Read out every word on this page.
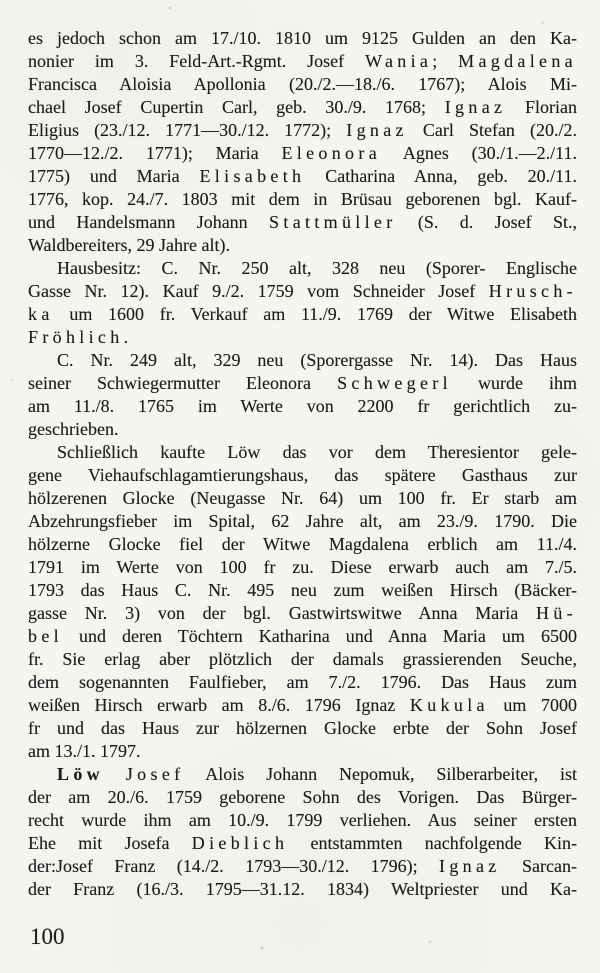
es jedoch schon am 17./10. 1810 um 9125 Gulden an den Ka-
nonier im 3. Feld-Art.-Rgmt. Josef Wania; Magdalena
Francisca Aloisia Apollonia (20./2.—18./6. 1767); Alois Mi-
chael Josef Cupertin Carl, geb. 30./9. 1768; Ignaz Florian
Eligius (23./12. 1771—30./12. 1772); Ignaz Carl Stefan (20./2.
1770—12./2. 1771); Maria Eleonora Agnes (30./1.—2./11.
1775) und Maria Elisabeth Catharina Anna, geb. 20./11.
1776, kop. 24./7. 1803 mit dem in Brüsau geborenen bgl. Kauf-
und Handelsmann Johann Stattmüller (S. d. Josef St.,
Waldbereiters, 29 Jahre alt).
Hausbesitz: C. Nr. 250 alt, 328 neu (Sporer- Englische
Gasse Nr. 12). Kauf 9./2. 1759 vom Schneider Josef Hrusch-
ka um 1600 fr. Verkauf am 11./9. 1769 der Witwe Elisabeth
Fröhlich.
C. Nr. 249 alt, 329 neu (Sporergasse Nr. 14). Das Haus
seiner Schwiegermutter Eleonora Schwegerl wurde ihm
am 11./8. 1765 im Werte von 2200 fr gerichtlich zu-
geschrieben.
Schließlich kaufte Löw das vor dem Theresientor gele-
gene Viehaufschlagamtierungshaus, das spätere Gasthaus zur
hölzerenen Glocke (Neugasse Nr. 64) um 100 fr. Er starb am
Abzehrungsfieber im Spital, 62 Jahre alt, am 23./9. 1790. Die
hölzerne Glocke fiel der Witwe Magdalena erblich am 11./4.
1791 im Werte von 100 fr zu. Diese erwarb auch am 7./5.
1793 das Haus C. Nr. 495 neu zum weißen Hirsch (Bäcker-
gasse Nr. 3) von der bgl. Gastwirtswitwe Anna Maria Hü-
bel und deren Töchtern Katharina und Anna Maria um 6500
fr. Sie erlag aber plötzlich der damals grassierenden Seuche,
dem sogenannten Faulfieber, am 7./2. 1796. Das Haus zum
weißen Hirsch erwarb am 8./6. 1796 Ignaz Kukula um 7000
fr und das Haus zur hölzernen Glocke erbte der Sohn Josef
am 13./1. 1797.
Löw Josef Alois Johann Nepomuk, Silberarbeiter, ist
der am 20./6. 1759 geborene Sohn des Vorigen. Das Bürger-
recht wurde ihm am 10./9. 1799 verliehen. Aus seiner ersten
Ehe mit Josefa Dieblich entstammten nachfolgende Kin-
der:Josef Franz (14./2. 1793—30./12. 1796); Ignaz Sarcan-
der Franz (16./3. 1795—31.12. 1834) Weltpriester und Ka-
100
